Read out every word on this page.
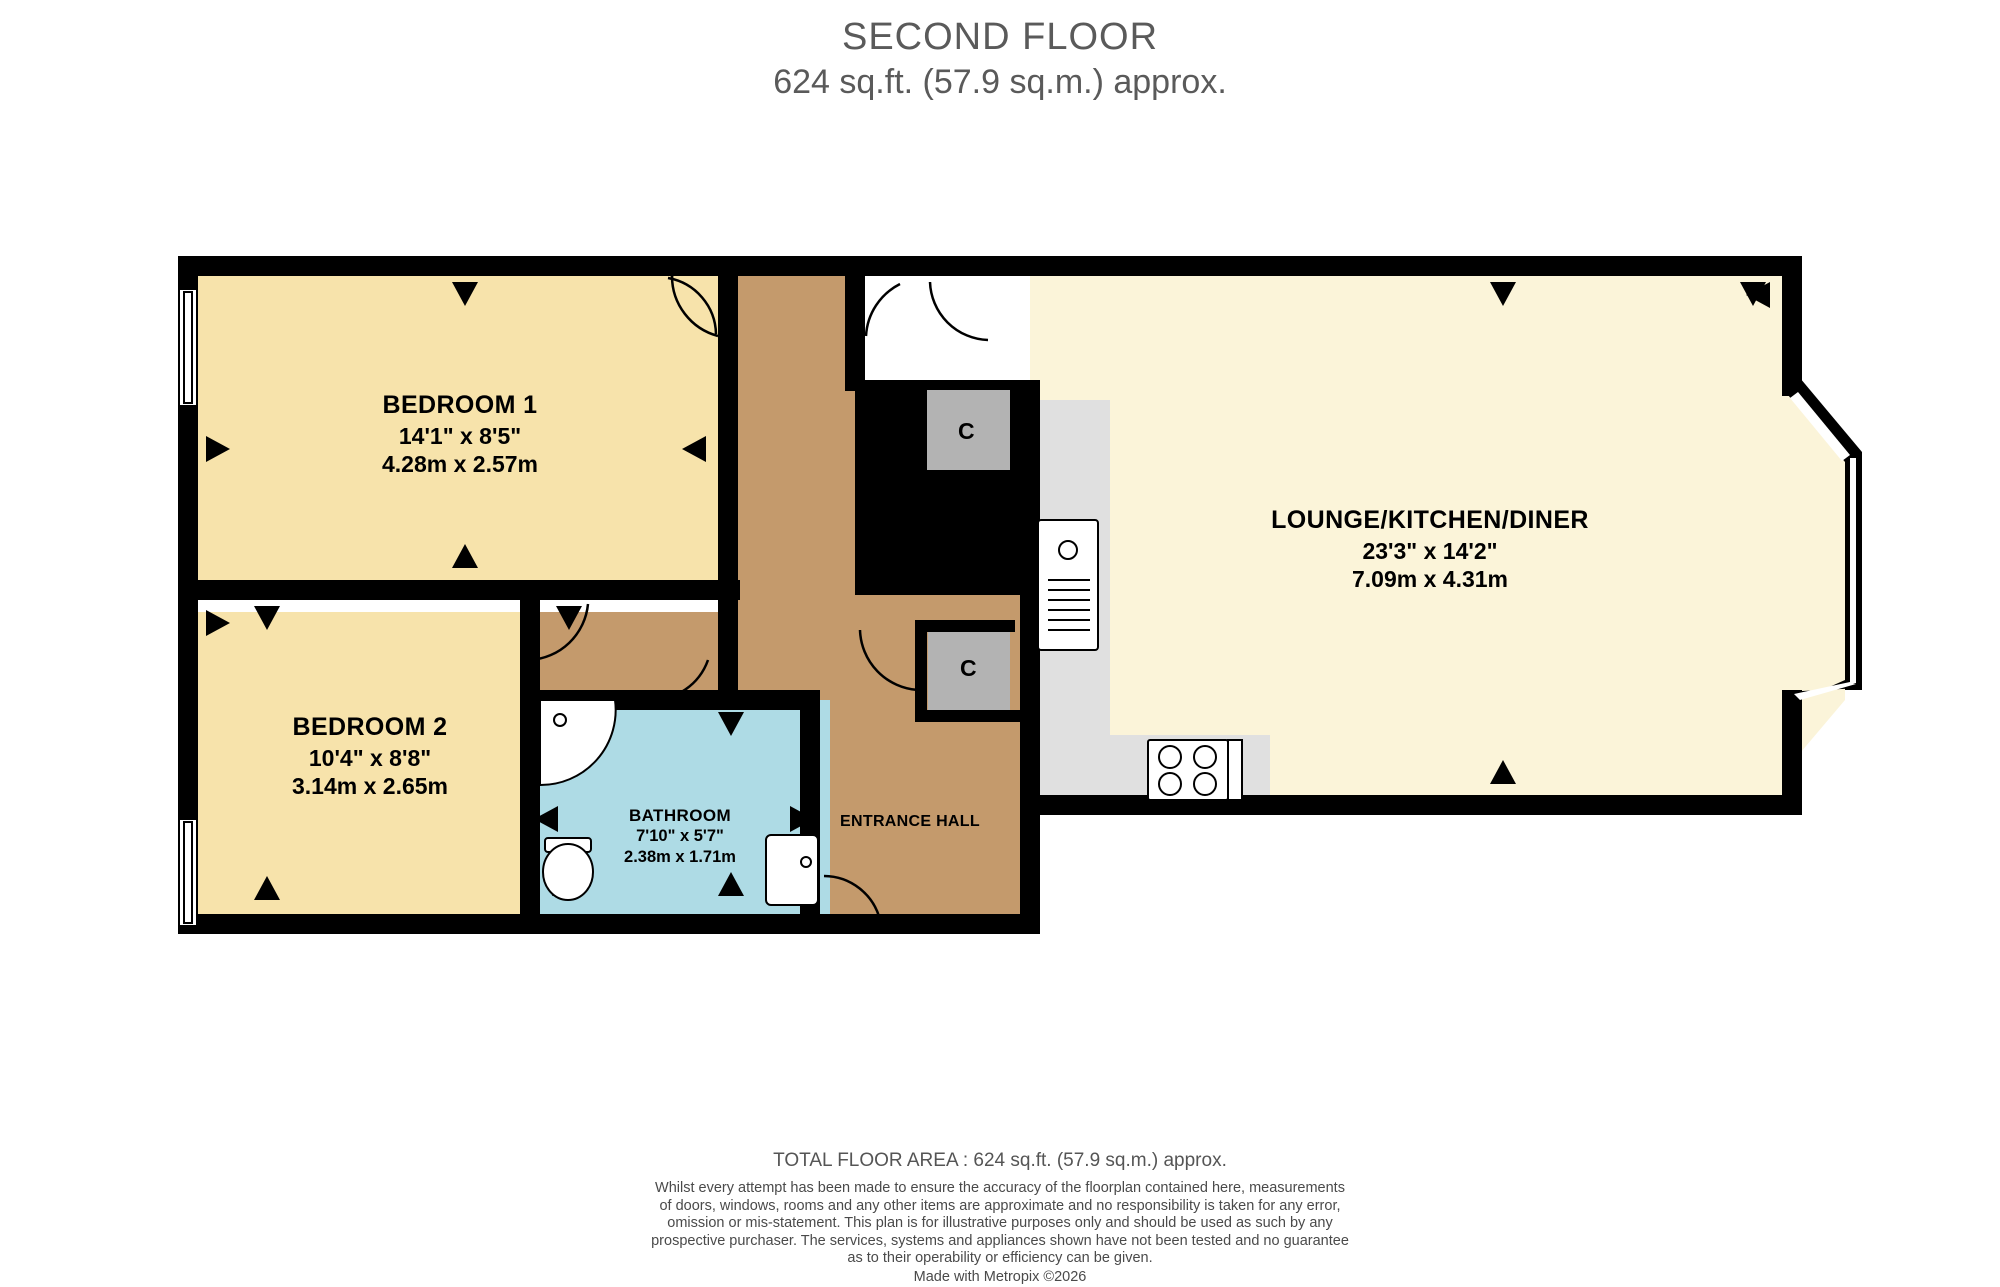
SECOND FLOOR
624 sq.ft. (57.9 sq.m.) approx.
BEDROOM 1
14'1" x 8'5"
4.28m x 2.57m
BEDROOM 2
10'4" x 8'8"
3.14m x 2.65m
BATHROOM
7'10" x 5'7"
2.38m x 1.71m
LOUNGE/KITCHEN/DINER
23'3" x 14'2"
7.09m x 4.31m
ENTRANCE HALL
C
C
TOTAL FLOOR AREA : 624 sq.ft. (57.9 sq.m.) approx.
Whilst every attempt has been made to ensure the accuracy of the floorplan contained here, measurements
of doors, windows, rooms and any other items are approximate and no responsibility is taken for any error,
omission or mis-statement. This plan is for illustrative purposes only and should be used as such by any
prospective purchaser. The services, systems and appliances shown have not been tested and no guarantee
as to their operability or efficiency can be given.
Made with Metropix ©2026
